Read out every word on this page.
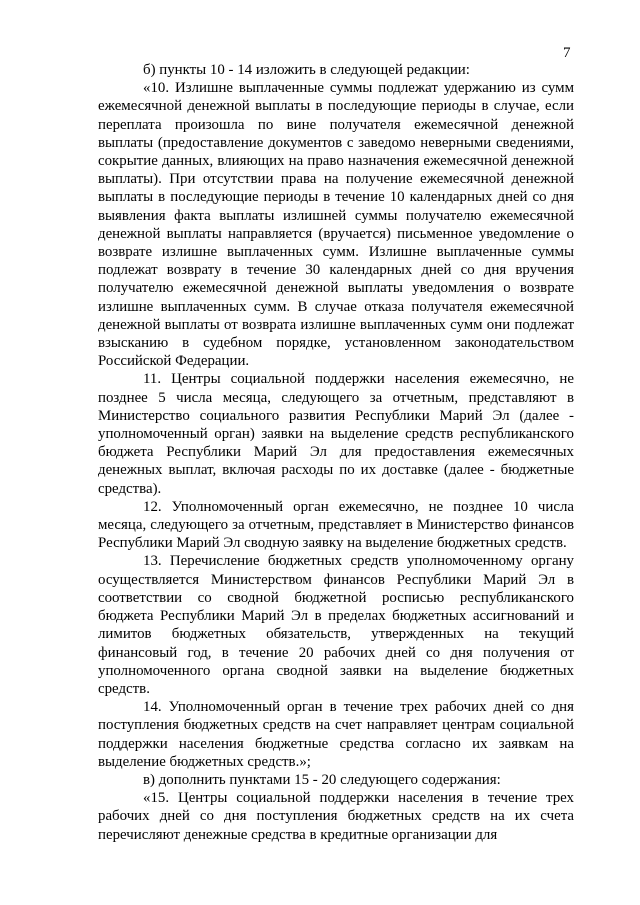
7

б) пункты 10 - 14 изложить в следующей редакции:

«10. Излишне выплаченные суммы подлежат удержанию из сумм ежемесячной денежной выплаты в последующие периоды в случае, если переплата произошла по вине получателя ежемесячной денежной выплаты (предоставление документов с заведомо неверными сведениями, сокрытие данных, влияющих на право назначения ежемесячной денежной выплаты). При отсутствии права на получение ежемесячной денежной выплаты в последующие периоды в течение 10 календарных дней со дня выявления факта выплаты излишней суммы получателю ежемесячной денежной выплаты направляется (вручается) письменное уведомление о возврате излишне выплаченных сумм. Излишне выплаченные суммы подлежат возврату в течение 30 календарных дней со дня вручения получателю ежемесячной денежной выплаты уведомления о возврате излишне выплаченных сумм. В случае отказа получателя ежемесячной денежной выплаты от возврата излишне выплаченных сумм они подлежат взысканию в судебном порядке, установленном законодательством Российской Федерации.

11. Центры социальной поддержки населения ежемесячно, не позднее 5 числа месяца, следующего за отчетным, представляют в Министерство социального развития Республики Марий Эл (далее - уполномоченный орган) заявки на выделение средств республиканского бюджета Республики Марий Эл для предоставления ежемесячных денежных выплат, включая расходы по их доставке (далее - бюджетные средства).

12. Уполномоченный орган ежемесячно, не позднее 10 числа месяца, следующего за отчетным, представляет в Министерство финансов Республики Марий Эл сводную заявку на выделение бюджетных средств.

13. Перечисление бюджетных средств уполномоченному органу осуществляется Министерством финансов Республики Марий Эл в соответствии со сводной бюджетной росписью республиканского бюджета Республики Марий Эл в пределах бюджетных ассигнований и лимитов бюджетных обязательств, утвержденных на текущий финансовый год, в течение 20 рабочих дней со дня получения от уполномоченного органа сводной заявки на выделение бюджетных средств.

14. Уполномоченный орган в течение трех рабочих дней со дня поступления бюджетных средств на счет направляет центрам социальной поддержки населения бюджетные средства согласно их заявкам на выделение бюджетных средств.»;

в) дополнить пунктами 15 - 20 следующего содержания:

«15. Центры социальной поддержки населения в течение трех рабочих дней со дня поступления бюджетных средств на их счета перечисляют денежные средства в кредитные организации для
